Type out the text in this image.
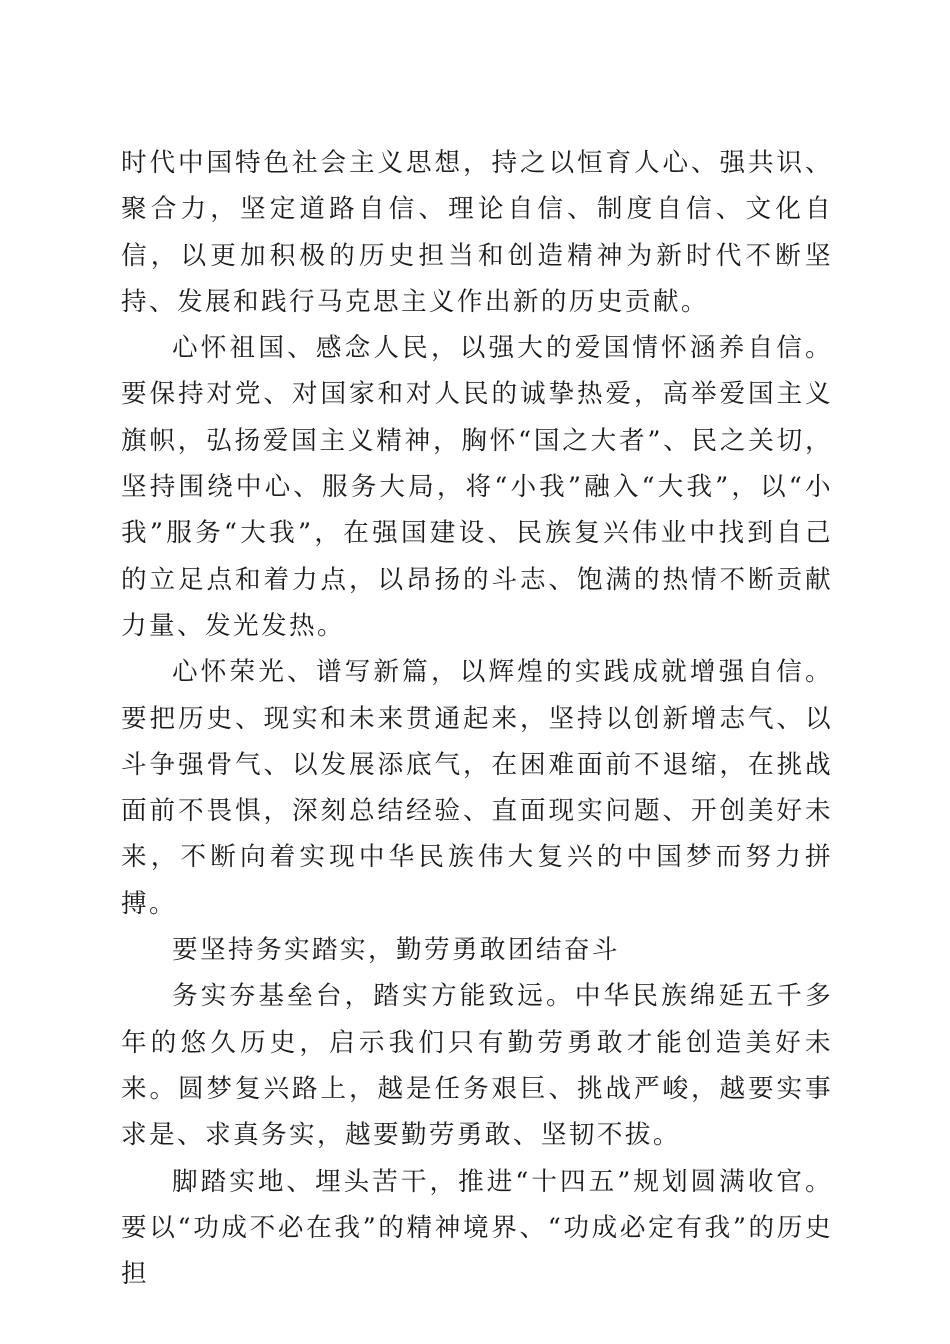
时代中国特色社会主义思想，持之以恒育人心、强共识、聚合力，坚定道路自信、理论自信、制度自信、文化自信，以更加积极的历史担当和创造精神为新时代不断坚持、发展和践行马克思主义作出新的历史贡献。

心怀祖国、感念人民，以强大的爱国情怀涵养自信。要保持对党、对国家和对人民的诚挚热爱，高举爱国主义旗帜，弘扬爱国主义精神，胸怀“国之大者”、民之关切，坚持围绕中心、服务大局，将“小我”融入“大我”，以“小我”服务“大我”，在强国建设、民族复兴伟业中找到自己的立足点和着力点，以昂扬的斗志、饱满的热情不断贡献力量、发光发热。

心怀荣光、谱写新篇，以辉煌的实践成就增强自信。要把历史、现实和未来贯通起来，坚持以创新增志气、以斗争强骨气、以发展添底气，在困难面前不退缩，在挑战面前不畏惧，深刻总结经验、直面现实问题、开创美好未来，不断向着实现中华民族伟大复兴的中国梦而努力拼搏。

要坚持务实踏实，勤劳勇敢团结奋斗

务实夯基垒台，踏实方能致远。中华民族绵延五千多年的悠久历史，启示我们只有勤劳勇敢才能创造美好未来。圆梦复兴路上，越是任务艰巨、挑战严峻，越要实事求是、求真务实，越要勤劳勇敢、坚韧不拔。

脚踏实地、埋头苦干，推进“十四五”规划圆满收官。要以“功成不必在我”的精神境界、“功成必定有我”的历史担
